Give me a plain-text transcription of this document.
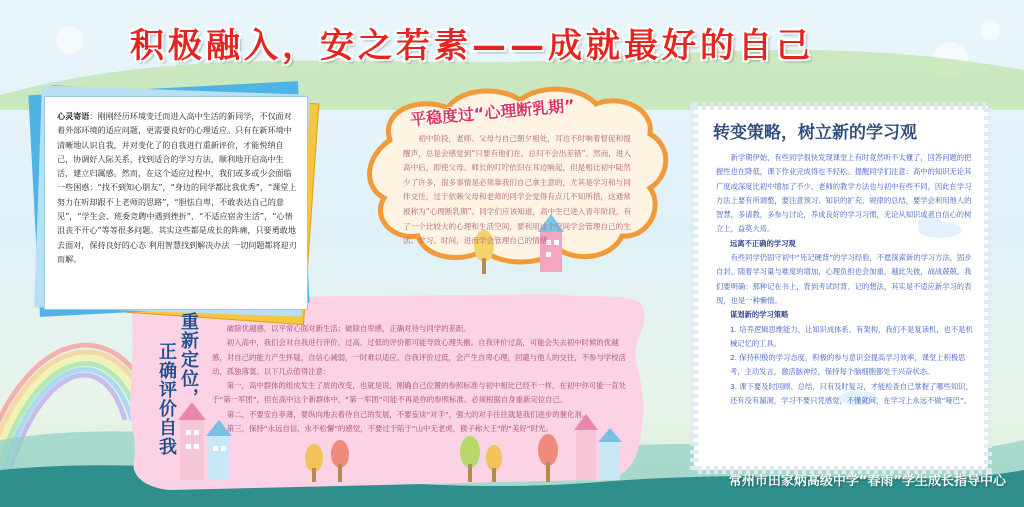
积极融入，安之若素——成就最好的自己
心灵寄语：刚刚经历环境变迁而进入高中生活的新同学，不仅面对着外部环境的适应问题，更需要良好的心理适应。只有在新环境中清晰地认识自我，并对变化了的自我进行重新评价，才能悦纳自己，协调好人际关系，找到适合的学习方法，顺利地开启高中生活，建立归属感。然而，在这个适应过程中，我们或多或少会面临一些困惑：“找不到知心朋友”，“身边的同学都比我优秀”，“课堂上努力在听却跟不上老师的思路”，“胆怯自卑，不敢表达自己的意见”，“学生会、班委竞聘中遇到挫折”，“不适应宿舍生活”，“心情沮丧不开心”等等很多问题。其实这些都是成长的阵痛，只要勇敢地去面对，保持良好的心态 利用智慧找到解决办法 一切问题都将迎刃而解。
平稳度过“心理断乳期”
初中阶段，老师、父母与自己朝夕相处，耳边不时响着督促和提醒声，总是会感觉到“只要有他们在，总归不会出差错”。然而，进入高中后，即使父母、师长的叮咛依旧在耳边响起，但是相比初中陡然少了许多，很多事情是必须靠我们自己拿主意的，尤其是学习和与同伴交往，过于依赖父母和老师的同学会觉得有点儿不知所措，这通常被称为“心理断乳期”。同学们应该知道，高中生已进入青年阶段，有了一个比较大的心理和生活空间，要利用这个空间学会管理自己的生活、学习、时间，进而学会管理自己的情绪。
转变策略，树立新的学习观

新学期伊始，有些同学很快发现课堂上有时竟然听不太懂了，回答问题的把握性也在降低，课下作业完成得也不轻松。提醒同学们注意：高中的知识无论其广度或深度比初中增加了不少，老师的教学方法也与初中有些不同，因此在学习方法上要有所调整，要注意预习、知识的扩充、规律的总结，要学会利用他人的智慧，多请教，多参与讨论，养成良好的学习习惯，无论从知识或者自信心的树立上，益莫大焉。

远离不正确的学习观

有些同学仍固守初中“死记硬背”的学习经验，不愿探索新的学习方法，固步自封、随着学习量与难度的增加，心理负担也会加重，越此失彼，战战兢兢。我们要明确：那种记在书上，背到考试时背、记的想法，其实是不适应新学习的表现，也是一种懒惰。

谋划新的学习策略

1. 培养逻辑思维能力，让知识成体系，有架构，我们不是复读机，也不是机械记忆的工具。
2. 保持积极的学习态度，积极的参与意识会提高学习效率，课堂上积极思考，主动发言，激活脑神经，保持每个脑细胞都处于兴奋状态。
3. 课下要及时回顾、总结，只有及时复习，才能检查自己掌握了哪些知识，还有没有漏洞，学习不要只凭感觉，不懂就问，在学习上永远不做“哑巴”。

重新定位，
正确评价自我

破除优越感，以平常心面对新生活；破除自卑感，正确对待与同学的差距。

初入高中，我们会对自我进行评价，过高、过低的评价都可能导致心理失衡。自我评价过高，可能会失去初中时候的优越感，对自己的能力产生怀疑，自信心减弱，一时难以适应。自我评价过低，会产生自卑心理，回避与他人的交往，不参与学校活动，孤独落寞。以下几点值得注意：

第一，高中群体的组成发生了质的改变，也就是说，刚确自己位置的参照标准与初中相比已经不一样，在初中你可能一直处于“第一军团”，但在高中这个新群体中，“第一军团”可能不再是你的参照标准。必须根据自身重新定位自己。

第二，不要安自菲薄，要纵向地去看待自己的发展，不要妄谈“对手”，强大的对手往往就是我们进步的催化剂。

第三，保持“永远自信，永不松懈”的感觉，不要过于陷于“山中无老虎，猴子称大王”的“美好”时光。

常州市田家炳高级中学“春雨”学生成长指导中心
